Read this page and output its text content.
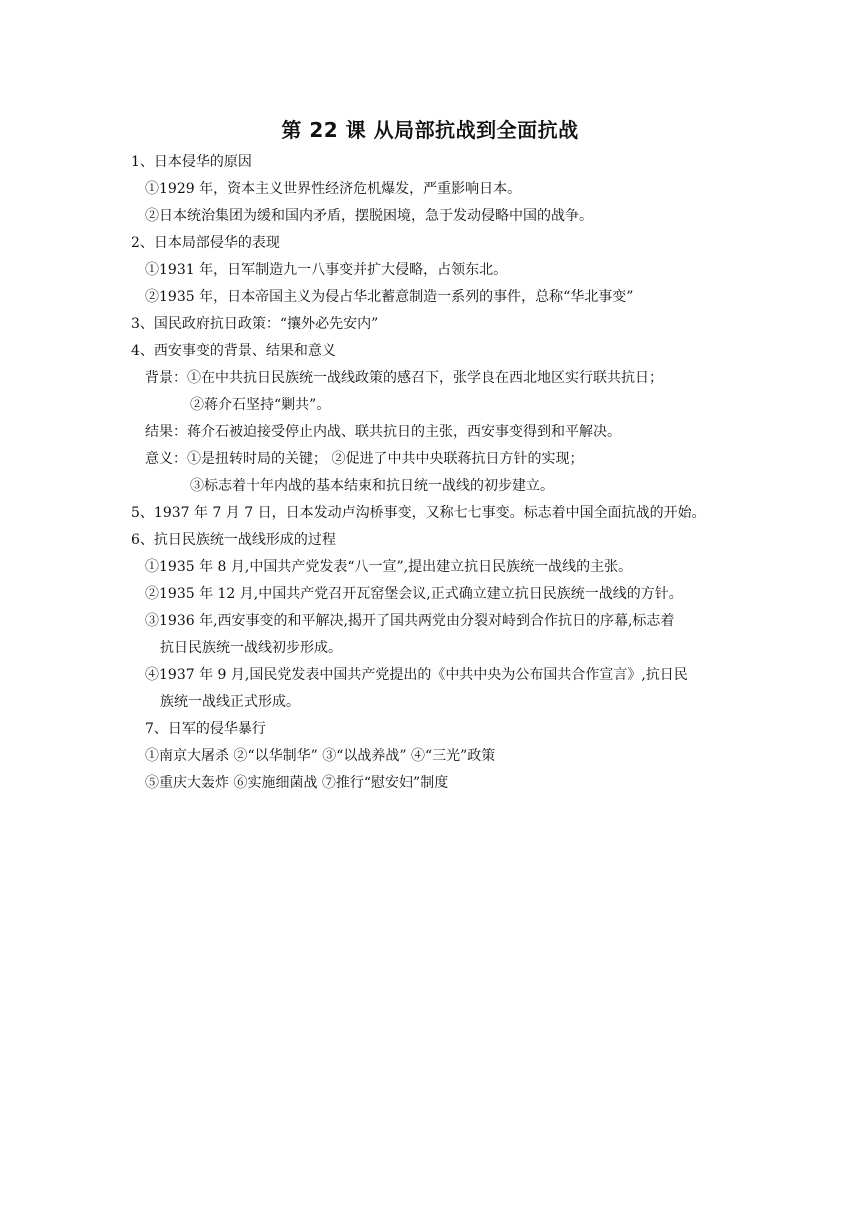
第 22 课 从局部抗战到全面抗战
1、日本侵华的原因
①1929 年，资本主义世界性经济危机爆发，严重影响日本。
②日本统治集团为缓和国内矛盾，摆脱困境，急于发动侵略中国的战争。
2、日本局部侵华的表现
①1931 年，日军制造九一八事变并扩大侵略，占领东北。
②1935 年，日本帝国主义为侵占华北蓄意制造一系列的事件，总称“华北事变”
3、国民政府抗日政策：“攘外必先安内”
4、西安事变的背景、结果和意义
背景：①在中共抗日民族统一战线政策的感召下，张学良在西北地区实行联共抗日；
②蒋介石坚持“剿共”。
结果：蒋介石被迫接受停止内战、联共抗日的主张，西安事变得到和平解决。
意义：①是扭转时局的关键； ②促进了中共中央联蒋抗日方针的实现；
③标志着十年内战的基本结束和抗日统一战线的初步建立。
5、1937 年 7 月 7 日，日本发动卢沟桥事变，又称七七事变。标志着中国全面抗战的开始。
6、抗日民族统一战线形成的过程
①1935 年 8 月,中国共产党发表“八一宣”,提出建立抗日民族统一战线的主张。
②1935 年 12 月,中国共产党召开瓦窑堡会议,正式确立建立抗日民族统一战线的方针。
③1936 年,西安事变的和平解决,揭开了国共两党由分裂对峙到合作抗日的序幕,标志着
抗日民族统一战线初步形成。
④1937 年 9 月,国民党发表中国共产党提出的《中共中央为公布国共合作宣言》,抗日民
族统一战线正式形成。
7、日军的侵华暴行
①南京大屠杀 ②“以华制华” ③“以战养战” ④“三光”政策
⑤重庆大轰炸 ⑥实施细菌战 ⑦推行“慰安妇”制度
